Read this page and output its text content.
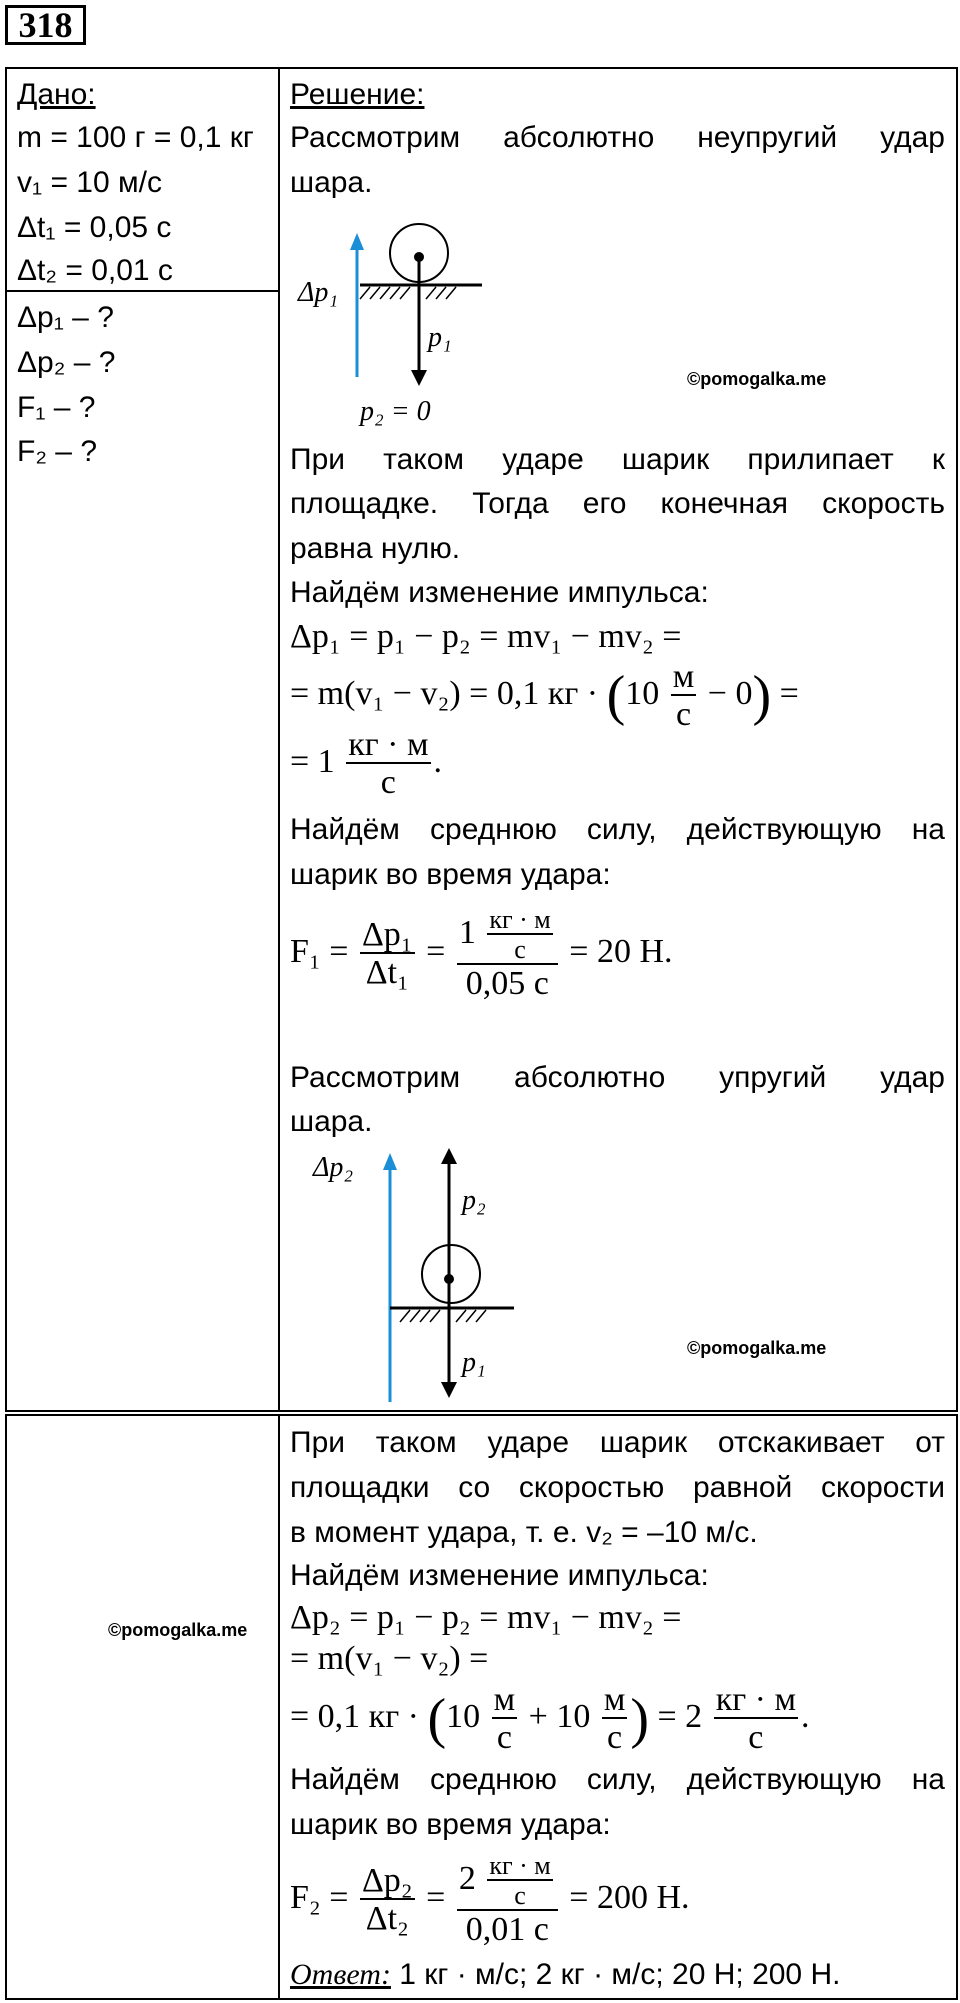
318
Дано:
m = 100 г = 0,1 кг
v₁ = 10 м/с
Δt₁ = 0,05 с
Δt₂ = 0,01 с
Δp₁ – ?
Δp₂ – ?
F₁ – ?
F₂ – ?
Решение:
Рассмотрим абсолютно неупругий удар
шара.
Δp₁
p₁
p₂ = 0
©pomogalka.me
При таком ударе шарик прилипает к
площадке. Тогда его конечная скорость
равна нулю.
Найдём изменение импульса:
Δp₁ = p₁ − p₂ = mv₁ − mv₂ =
= m(v₁ − v₂) = 0,1 кг · $(10 \frac{м}{с} - 0)$ =
= $1 \frac{кг \cdot м}{с}$ .
Найдём среднюю силу, действующую на
шарик во время удара:
$F_1 = \frac{\text{Δp₁}}{\text{Δt₁}} = \frac{1 \frac{кг \cdot м}{с}}{0,05 с} = 20$ Н.
Рассмотрим абсолютно упругий удар
шара.
Δp₂
p₂
p₁	©pomogalka.me
©pomogalka.me
При таком ударе шарик отскакивает от
площадки со скоростью равной скорости
в момент удара, т. е. v₂ = –10 м/с.
Найдём изменение импульса:
Δp₂ = p₁ − p₂ = mv₁ − mv₂ =
= m(v₁ − v₂) =
= 0,1 кг · ($10 \frac{м}{с} + 10 \frac{м}{с}$ ) = $2 \frac{кг \cdot м}{с}$ .
Найдём среднюю силу, действующую на
шарик во время удара:
$F_2 = \frac{\text{Δp₂}}{\text{Δt₂}} = \frac{2 \frac{кг \cdot м}{с}}{0,01 с} = 200$ Н.
Ответ: 1 кг · м/с; 2 кг · м/с; 20 Н; 200 Н.
